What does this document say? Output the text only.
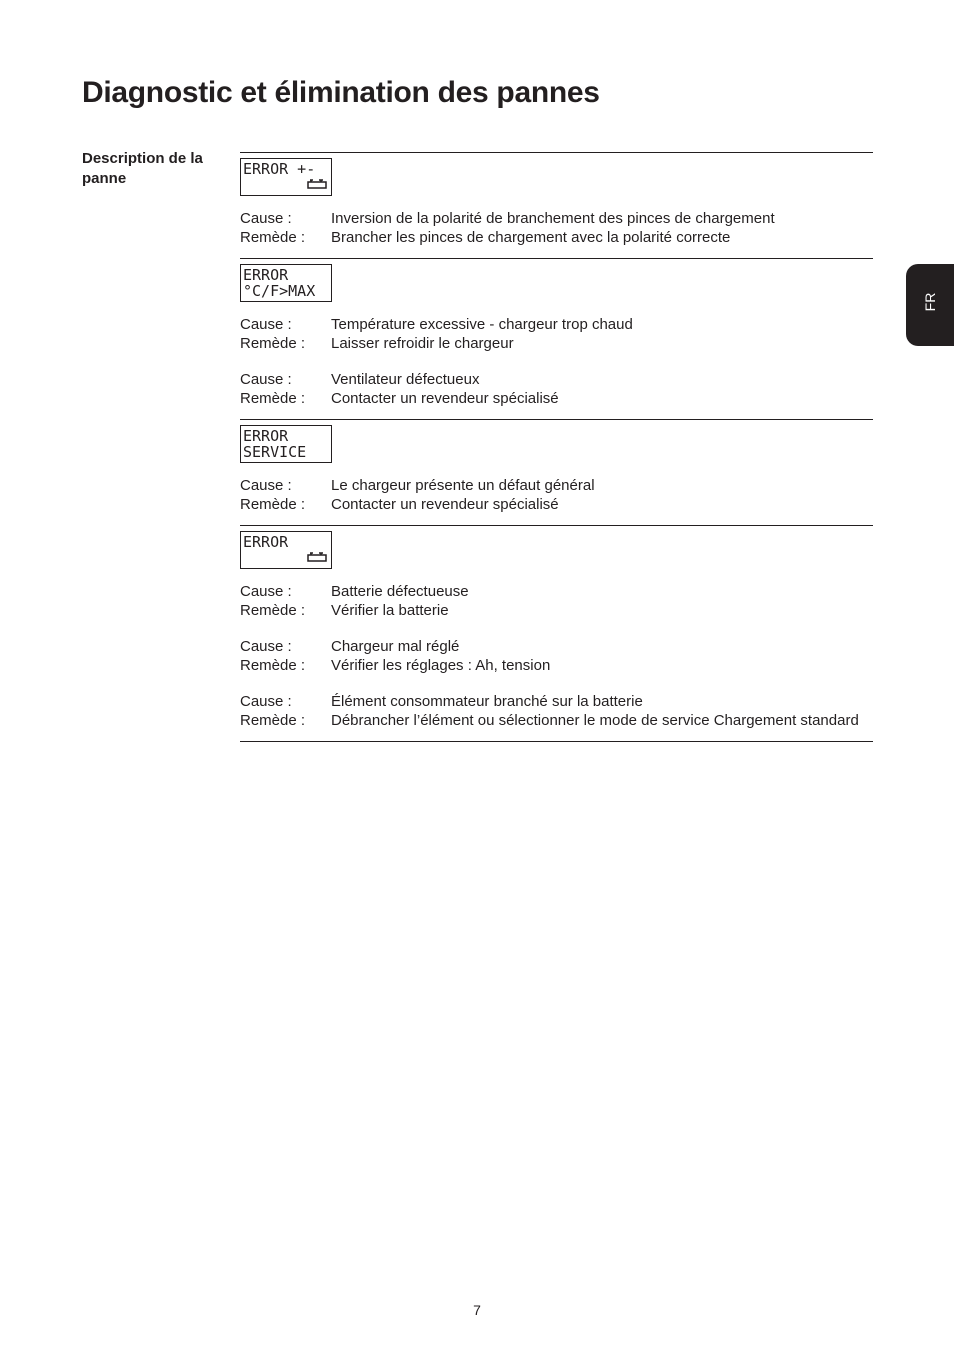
Diagnostic et élimination des pannes
Description de la panne
FR
ERROR +-
Cause :	Inversion de la polarité de branchement des pinces de chargement
Remède :	Brancher les pinces de chargement avec la polarité correcte
ERROR
°C/F>MAX
Cause :	Température excessive - chargeur trop chaud
Remède :	Laisser refroidir le chargeur
Cause :	Ventilateur défectueux
Remède :	Contacter un revendeur spécialisé
ERROR
SERVICE
Cause :	Le chargeur présente un défaut général
Remède :	Contacter un revendeur spécialisé
ERROR
Cause :	Batterie défectueuse
Remède :	Vérifier la batterie
Cause :	Chargeur mal réglé
Remède :	Vérifier les réglages : Ah, tension
Cause :	Élément consommateur branché sur la batterie
Remède :	Débrancher l’élément ou sélectionner le mode de service Chargement standard
7
